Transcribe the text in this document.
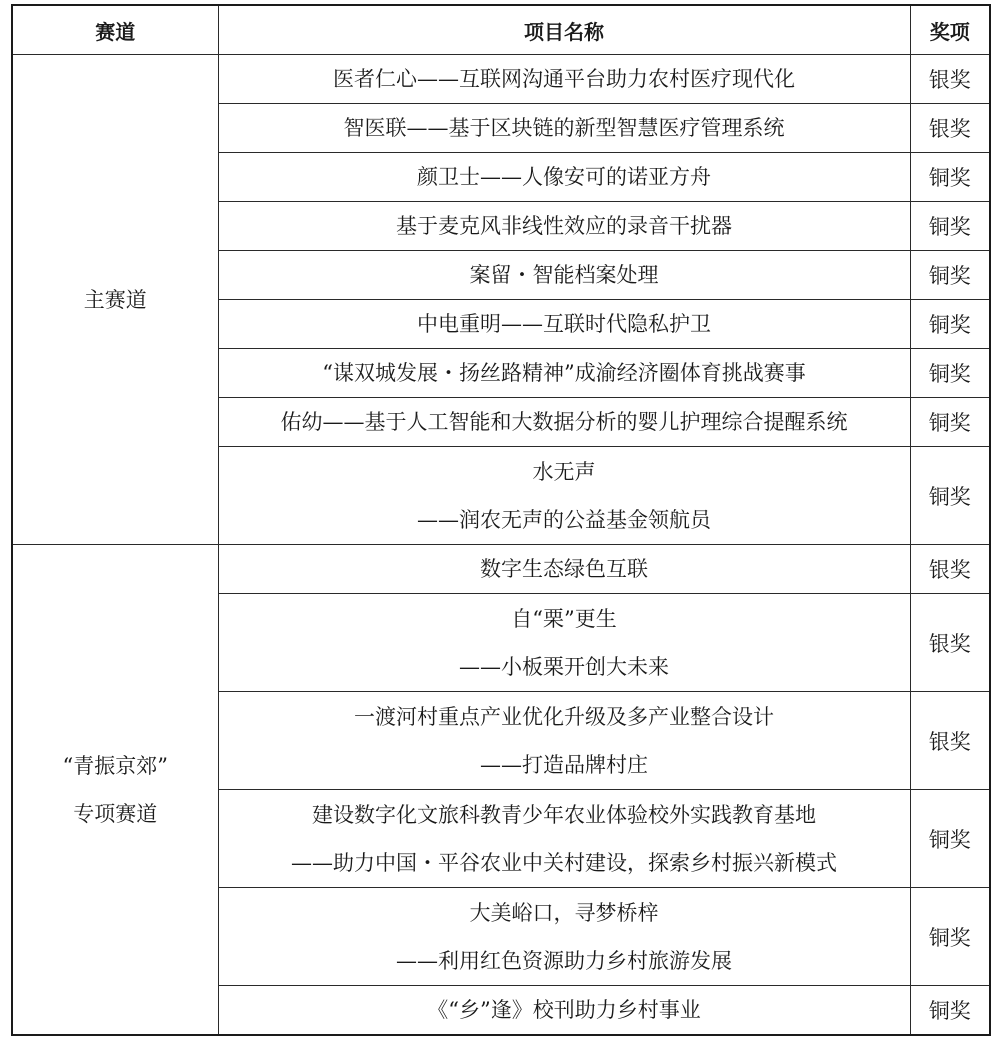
赛道	项目名称	奖项

主赛道	医者仁心——互联网沟通平台助力农村医疗现代化	银奖

	智医联——基于区块链的新型智慧医疗管理系统	银奖

	颜卫士——人像安可的诺亚方舟	铜奖

	基于麦克风非线性效应的录音干扰器	铜奖

	案留・智能档案处理	铜奖

	中电重明——互联时代隐私护卫	铜奖

	“谋双城发展・扬丝路精神”成渝经济圈体育挑战赛事	铜奖

	佑幼——基于人工智能和大数据分析的婴儿护理综合提醒系统	铜奖

	水无声
——润农无声的公益基金领航员	铜奖

“青振京郊”
专项赛道	数字生态绿色互联	银奖

	自“栗”更生
——小板栗开创大未来	银奖

	一渡河村重点产业优化升级及多产业整合设计
——打造品牌村庄	银奖

	建设数字化文旅科教青少年农业体验校外实践教育基地
——助力中国・平谷农业中关村建设，探索乡村振兴新模式	铜奖

	大美峪口，寻梦桥梓
——利用红色资源助力乡村旅游发展	铜奖

	《“乡”逢》校刊助力乡村事业	铜奖
